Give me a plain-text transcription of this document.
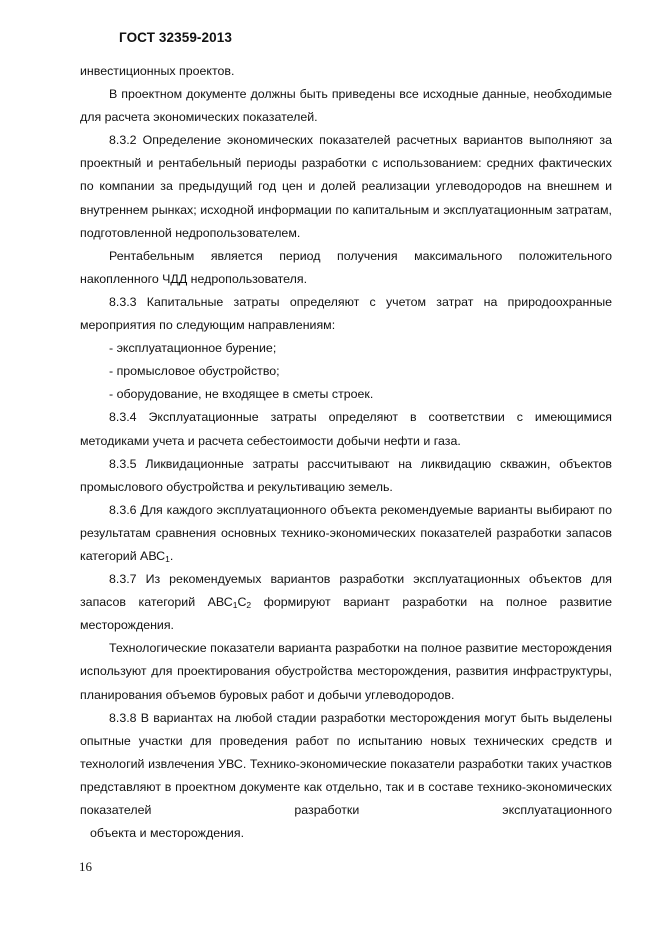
ГОСТ 32359-2013

инвестиционных проектов.

В проектном документе должны быть приведены все исходные данные, необходимые для расчета экономических показателей.

8.3.2 Определение экономических показателей расчетных вариантов выполняют за проектный и рентабельный периоды разработки с использованием: средних фактических по компании за предыдущий год цен и долей реализации углеводородов на внешнем и внутреннем рынках; исходной информации по капитальным и эксплуатационным затратам, подготовленной недропользователем.

Рентабельным является период получения максимального положительного накопленного ЧДД недропользователя.

8.3.3 Капитальные затраты определяют с учетом затрат на природоохранные мероприятия по следующим направлениям:

- эксплуатационное бурение;

- промысловое обустройство;

- оборудование, не входящее в сметы строек.

8.3.4 Эксплуатационные затраты определяют в соответствии с имеющимися методиками учета и расчета себестоимости добычи нефти и газа.

8.3.5 Ликвидационные затраты рассчитывают на ликвидацию скважин, объектов промыслового обустройства и рекультивацию земель.

8.3.6 Для каждого эксплуатационного объекта рекомендуемые варианты выбирают по результатам сравнения основных технико-экономических показателей разработки запасов категорий $АВС_1$.

8.3.7 Из рекомендуемых вариантов разработки эксплуатационных объектов для запасов категорий $АВС_1С_2$ формируют вариант разработки на полное развитие месторождения.

Технологические показатели варианта разработки на полное развитие месторождения используют для проектирования обустройства месторождения, развития инфраструктуры, планирования объемов буровых работ и добычи углеводородов.

8.3.8 В вариантах на любой стадии разработки месторождения могут быть выделены опытные участки для проведения работ по испытанию новых технических средств и технологий извлечения УВС. Технико-экономические показатели разработки таких участков представляют в проектном документе как отдельно, так и в составе технико-экономических показателей разработки эксплуатационного
объекта и месторождения.

16
